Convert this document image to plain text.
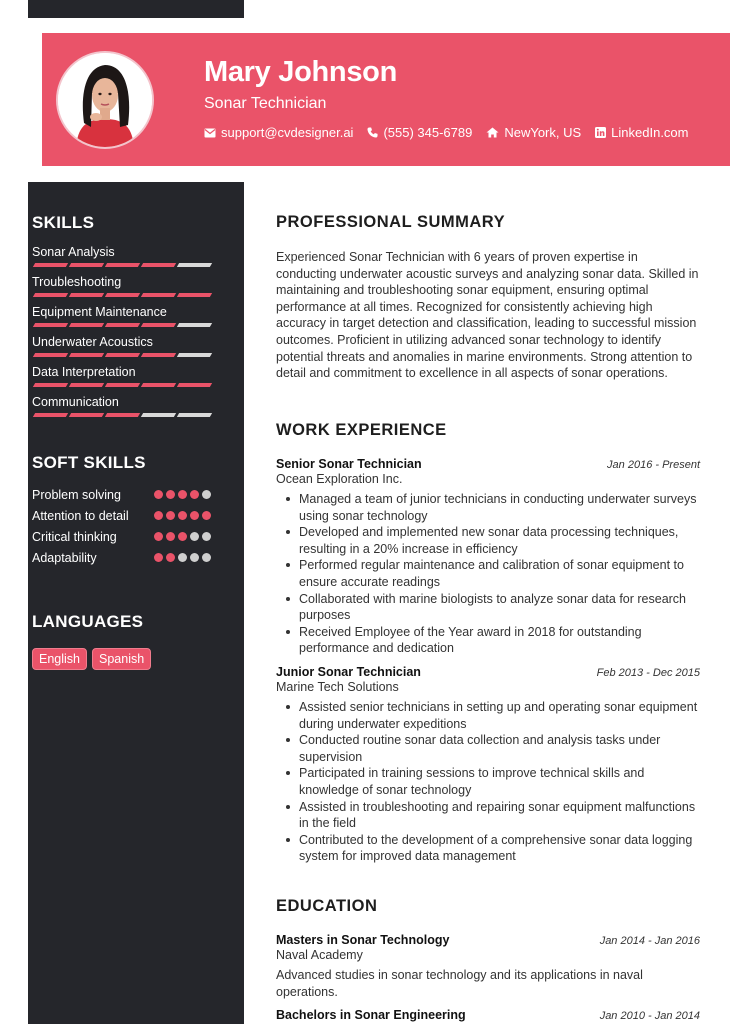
Mary Johnson
Sonar Technician
support@cvdesigner.ai (555) 345-6789 NewYork, US LinkedIn.com
SKILLS
Sonar Analysis
Troubleshooting
Equipment Maintenance
Underwater Acoustics
Data Interpretation
Communication
SOFT SKILLS
Problem solving
Attention to detail
Critical thinking
Adaptability
LANGUAGES
English	Spanish
PROFESSIONAL SUMMARY
Experienced Sonar Technician with 6 years of proven expertise in conducting underwater acoustic surveys and analyzing sonar data. Skilled in maintaining and troubleshooting sonar equipment, ensuring optimal performance at all times. Recognized for consistently achieving high accuracy in target detection and classification, leading to successful mission outcomes. Proficient in utilizing advanced sonar technology to identify potential threats and anomalies in marine environments. Strong attention to detail and commitment to excellence in all aspects of sonar operations.
WORK EXPERIENCE
Senior Sonar Technician	Jan 2016 - Present
Ocean Exploration Inc.
Managed a team of junior technicians in conducting underwater surveys using sonar technology
Developed and implemented new sonar data processing techniques, resulting in a 20% increase in efficiency
Performed regular maintenance and calibration of sonar equipment to ensure accurate readings
Collaborated with marine biologists to analyze sonar data for research purposes
Received Employee of the Year award in 2018 for outstanding performance and dedication
Junior Sonar Technician	Feb 2013 - Dec 2015
Marine Tech Solutions
Assisted senior technicians in setting up and operating sonar equipment during underwater expeditions
Conducted routine sonar data collection and analysis tasks under supervision
Participated in training sessions to improve technical skills and knowledge of sonar technology
Assisted in troubleshooting and repairing sonar equipment malfunctions in the field
Contributed to the development of a comprehensive sonar data logging system for improved data management
EDUCATION
Masters in Sonar Technology	Jan 2014 - Jan 2016
Naval Academy
Advanced studies in sonar technology and its applications in naval operations.
Bachelors in Sonar Engineering	Jan 2010 - Jan 2014
